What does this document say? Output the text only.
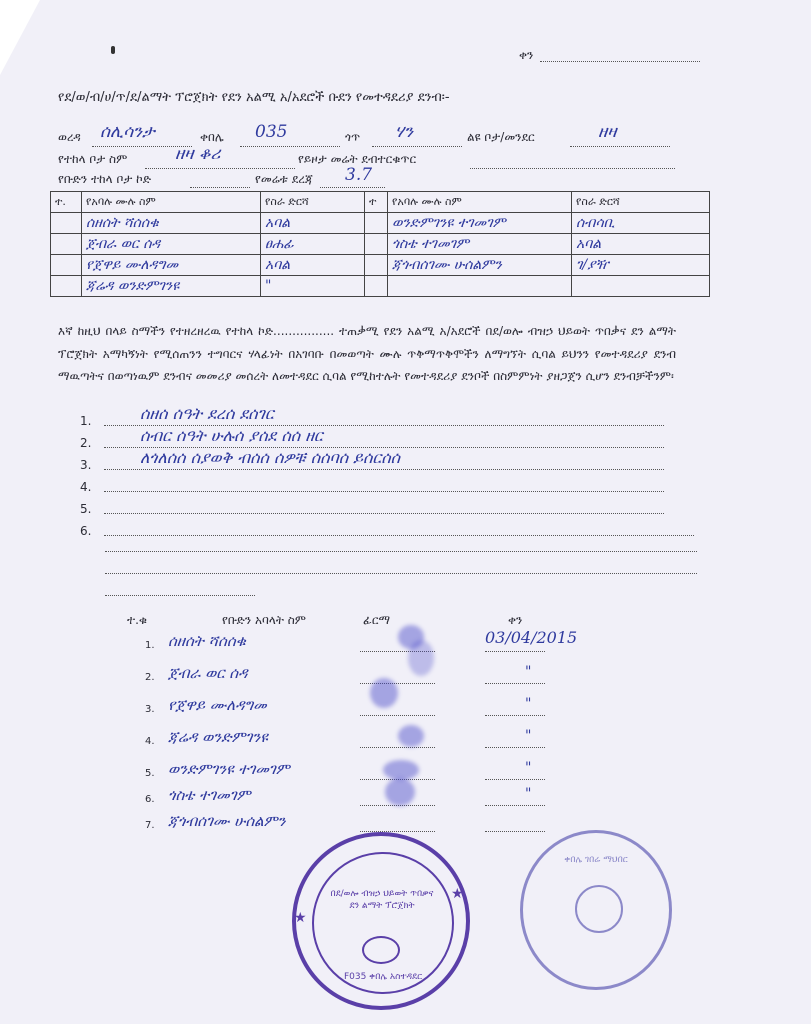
ቀን
የደ/ወ/ብ/ሀ/ጥ/ደ/ልማት ፕሮጀክት የደን አልሚ አ/አደሮች ቡደን የመተዳደሪያ ደንብ፡-
ወረዳ ሰሊሳንታ	ቀበሌ 035	ጎጥ ሃን	ልዩ ቦታ/መንደር	ዘዛ
የተከላ ቦታ ስም	ዘዛ ቆሪ	የይዞታ መሬት ደብተርቁጥር
የቡድን ተከላ ቦታ ኮድ	የመሬቱ ደረጃ 3.7
ተ.	የአባሉ ሙሉ ስም	የስራ ድርሻ	ተ	የአባሉ ሙሉ ስም	የስራ ድርሻ
	ሰዘሰት ሻሰሰቁ	አባል		ወንድምገንዩ ተገመገም	ሰብሳቢ
	ጀብራ ወር ሰዳ	ፀሐፊ		ጎስቴ ተገመገም	አባል
	የጀዋይ ሙለዳግመ	አባል		ጃጎብሰገሙ ሁሰልምን	ገ/ያዥ
	ጃሬዳ ወንድምገንዩ	"			
እኛ ከዚህ በላይ ስማችን የተዘረዘረዉ የተከላ ኮድ................ ተጠቃሚ የደን አልሚ አ/አደሮች በደ/ወሎ ብዝኃ ህይወት ጥበቃና ደን ልማት ፕሮጀክት አማካኝነት የሚሰጠንን ተግባርና ሃላፊነት በአገባቡ በመወጣት ሙሉ ጥቅማጥቅሞችን ለማግኘት ሲባል ይህንን የመተዳደሪያ ደንብ ማዉጣትና በወጣነዉም ደንብና መመሪያ መሰረት ለመተዳደር ሲባል የሚከተሉት የመተዳደሪያ ደንቦች በስምምነት ያዘጋጀን ሲሆን ደንብቻችንም፡
1.	ሰዘሰ ሰዓት ደረሰ ደሰገር
2.	ሰብር ሰዓት ሁሉሰ ያሰደ ሰሰ ዘር
3.	ለጎለሰሰ ሰያወቅ ብሰሰ ሰዎቹ ሰሰባሰ ይሰርሰሰ
4.
5.
6.
ተ.ቁ	የቡድን አባላት ስም	ፊርማ	ቀን
1. ሰዘሰት ሻሰሰቁ	03/04/2015
2. ጀብራ ወር ሰዳ	"
3. የጀዋይ ሙለዳግመ	"
4. ጃሬዳ ወንድምገንዩ	"
5. ወንድምገንዩ ተገመገም	"
6. ጎስቴ ተገመገም	"
7. ጃጎብሰገሙ ሁሰልምን
በደ/ወሎ ብዝኃ ህይወት ጥበቃና ደን ልማት ፕሮጀክት
F035 ቀበሌ አስተዳደር
★
★
ቀበሌ ገበሬ ማህበር
